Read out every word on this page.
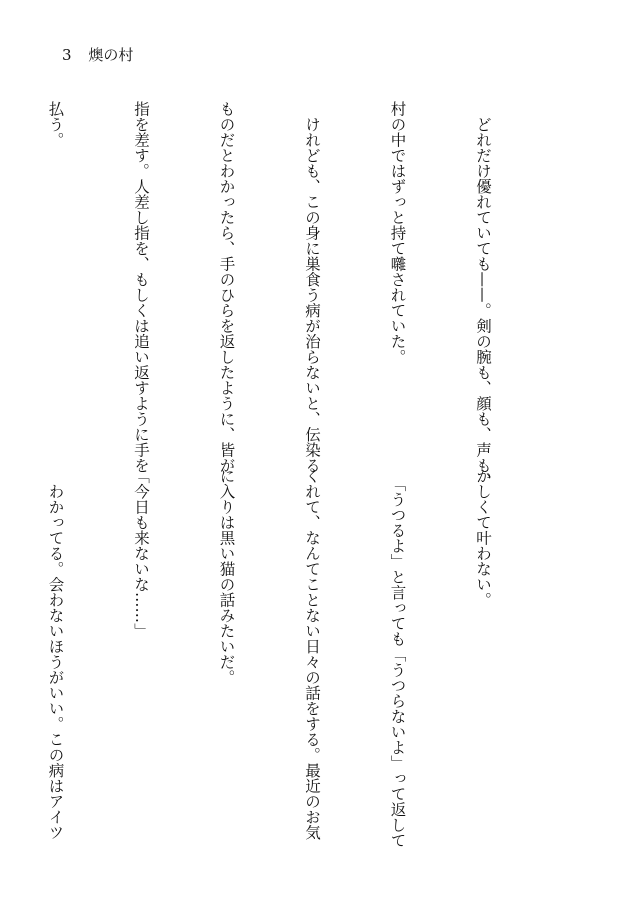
3 燠の村

　どれだけ優れていても——。剣の腕も、顔も、声も、

村の中ではずっと持て囃されていた。

　けれども、この身に巣食う病が治らないと、伝染る

ものだとわかったら、手のひらを返したように、皆が

指を差す。人差し指を、もしくは追い返すように手を

払う。

かしくて叶わない。

　「うつるよ」と言っても「うつらないよ」って返して

くれて、なんてことない日々の話をする。最近のお気

に入りは黒い猫の話みたいだ。

「今日も来ないな……」

　わかってる。会わないほうがいい。この病はアイツ
